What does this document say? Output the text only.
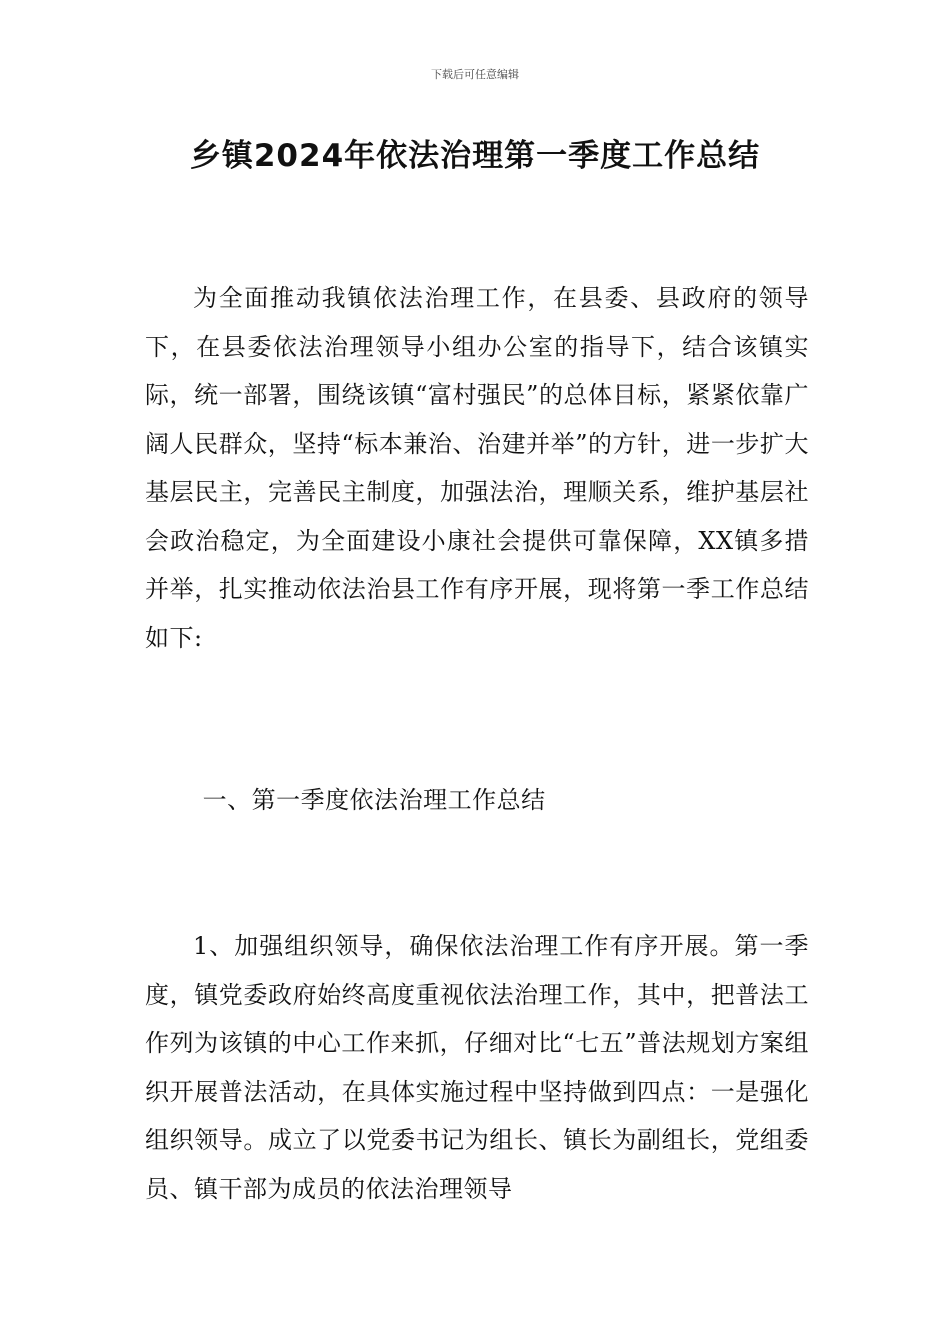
下载后可任意编辑
乡镇2024年依法治理第一季度工作总结

为全面推动我镇依法治理工作，在县委、县政府的领导下，在县委依法治理领导小组办公室的指导下，结合该镇实际，统一部署，围绕该镇“富村强民”的总体目标，紧紧依靠广阔人民群众，坚持“标本兼治、治建并举”的方针，进一步扩大基层民主，完善民主制度，加强法治，理顺关系，维护基层社会政治稳定，为全面建设小康社会提供可靠保障，XX镇多措并举，扎实推动依法治县工作有序开展，现将第一季工作总结如下:

一、第一季度依法治理工作总结

1、加强组织领导，确保依法治理工作有序开展。第一季度，镇党委政府始终高度重视依法治理工作，其中，把普法工作列为该镇的中心工作来抓，仔细对比“七五”普法规划方案组织开展普法活动，在具体实施过程中坚持做到四点：一是强化组织领导。成立了以党委书记为组长、镇长为副组长，党组委员、镇干部为成员的依法治理领导
